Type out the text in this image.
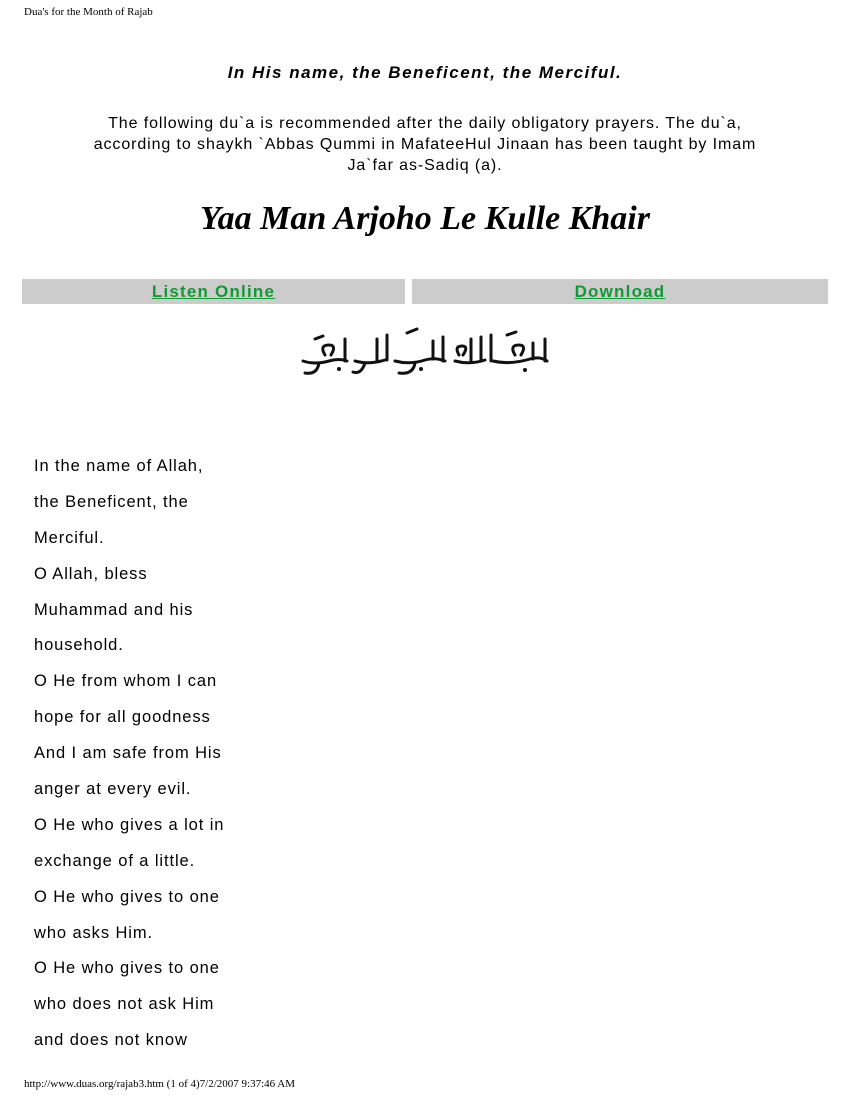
Dua's for the Month of Rajab
In His name, the Beneficent, the Merciful.
The following du`a is recommended after the daily obligatory prayers. The du`a, according to shaykh `Abbas Qummi in MafateeHul Jinaan has been taught by Imam Ja`far as-Sadiq (a).
Yaa Man Arjoho Le Kulle Khair
Listen Online	Download
In the name of Allah,
the Beneficent, the
Merciful.
O Allah, bless
Muhammad and his
household.
O He from whom I can
hope for all goodness
And I am safe from His
anger at every evil.
O He who gives a lot in
exchange of a little.
O He who gives to one
who asks Him.
O He who gives to one
who does not ask Him
and does not know
http://www.duas.org/rajab3.htm (1 of 4)7/2/2007 9:37:46 AM
